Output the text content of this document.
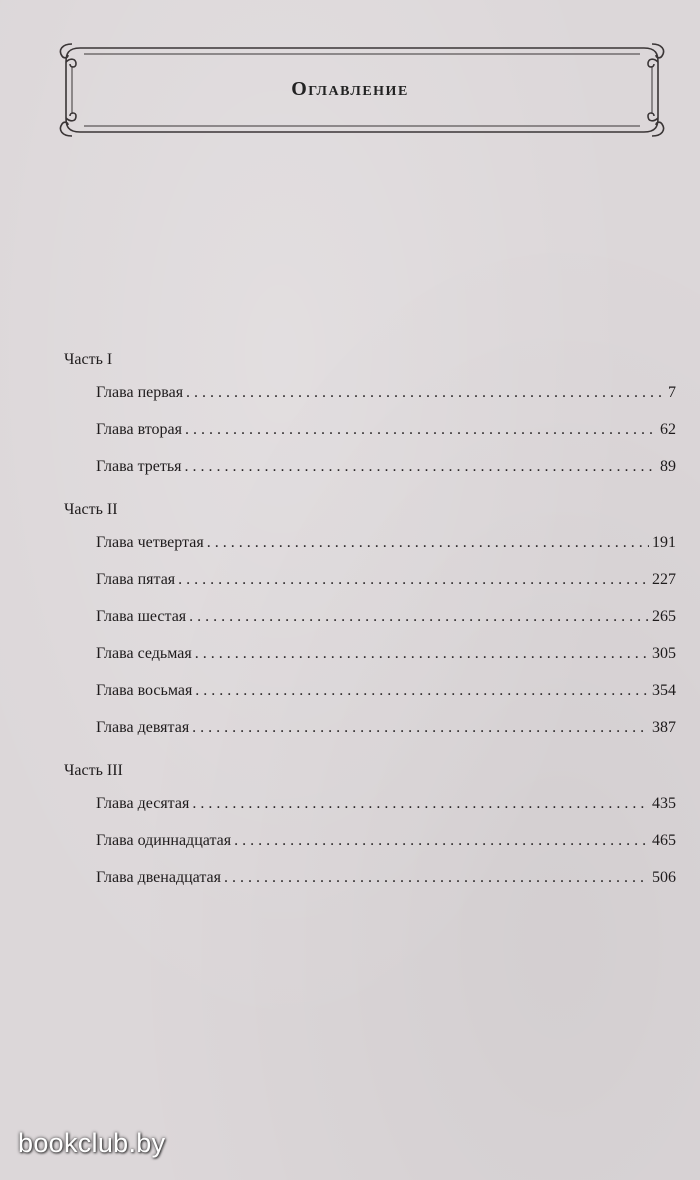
Оглавление
Часть I
Глава первая . . .	7
Глава вторая . . .	62
Глава третья . . .	89
Часть II
Глава четвертая . . .	191
Глава пятая . . .	227
Глава шестая . . .	265
Глава седьмая . . .	305
Глава восьмая . . .	354
Глава девятая . . .	387
Часть III
Глава десятая . . .	435
Глава одиннадцатая . . .	465
Глава двенадцатая . . .	506
bookclub.by
